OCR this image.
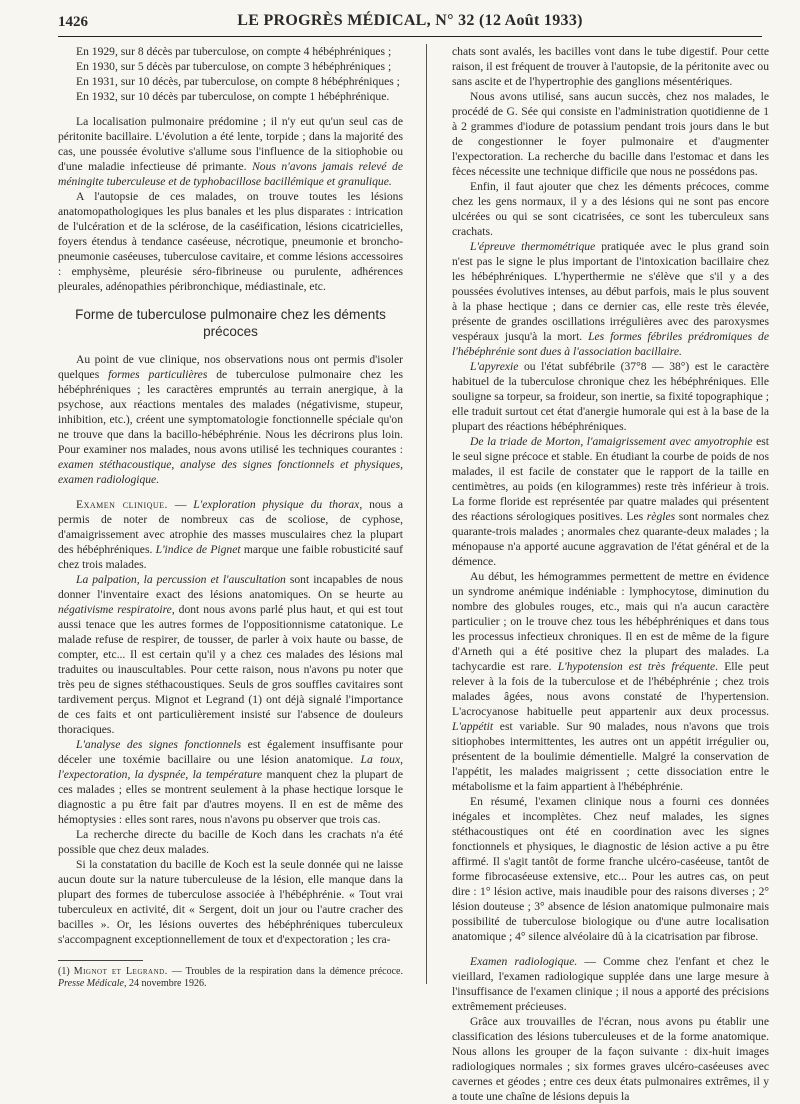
1426	LE PROGRÈS MÉDICAL, N° 32 (12 Août 1933)

En 1929, sur 8 décès par tuberculose, on compte 4 hébéphréniques ;

En 1930, sur 5 décès par tuberculose, on compte 3 hébéphréniques ;

En 1931, sur 10 décès, par tuberculose, on compte 8 hébéphréniques ;

En 1932, sur 10 décès par tuberculose, on compte 1 hébéphrénique.

La localisation pulmonaire prédomine ; il n'y eut qu'un seul cas de péritonite bacillaire. L'évolution a été lente, torpide ; dans la majorité des cas, une poussée évolutive s'allume sous l'influence de la sitiophobie ou d'une maladie infectieuse dé primante. Nous n'avons jamais relevé de méningite tuberculeuse et de typhobacillose bacillémique et granulique.

A l'autopsie de ces malades, on trouve toutes les lésions anatomopathologiques les plus banales et les plus disparates : intrication de l'ulcération et de la sclérose, de la caséification, lésions cicatricielles, foyers étendus à tendance caséeuse, nécrotique, pneumonie et broncho-pneumonie caséeuses, tuberculose cavitaire, et comme lésions accessoires : emphysème, pleurésie séro-fibrineuse ou purulente, adhérences pleurales, adénopathies péribronchique, médiastinale, etc.

Forme de tuberculose pulmonaire chez les déments précoces

Au point de vue clinique, nos observations nous ont permis d'isoler quelques formes particulières de tuberculose pulmonaire chez les hébéphréniques ; les caractères empruntés au terrain anergique, à la psychose, aux réactions mentales des malades (négativisme, stupeur, inhibition, etc.), créent une symptomatologie fonctionnelle spéciale qu'on ne trouve que dans la bacillo-hébéphrénie. Nous les décrirons plus loin. Pour examiner nos malades, nous avons utilisé les techniques courantes : examen stéthacoustique, analyse des signes fonctionnels et physiques, examen radiologique.

Examen clinique. — L'exploration physique du thorax, nous a permis de noter de nombreux cas de scoliose, de cyphose, d'amaigrissement avec atrophie des masses musculaires chez la plupart des hébéphréniques. L'indice de Pignet marque une faible robusticité sauf chez trois malades.

La palpation, la percussion et l'auscultation sont incapables de nous donner l'inventaire exact des lésions anatomiques. On se heurte au négativisme respiratoire, dont nous avons parlé plus haut, et qui est tout aussi tenace que les autres formes de l'oppositionnisme catatonique. Le malade refuse de respirer, de tousser, de parler à voix haute ou basse, de compter, etc... Il est certain qu'il y a chez ces malades des lésions mal traduites ou inauscultables. Pour cette raison, nous n'avons pu noter que très peu de signes stéthacoustiques. Seuls de gros souffles cavitaires sont tardivement perçus. Mignot et Legrand (1) ont déjà signalé l'importance de ces faits et ont particulièrement insisté sur l'absence de douleurs thoraciques.

L'analyse des signes fonctionnels est également insuffisante pour déceler une toxémie bacillaire ou une lésion anatomique. La toux, l'expectoration, la dyspnée, la température manquent chez la plupart de ces malades ; elles se montrent seulement à la phase hectique lorsque le diagnostic a pu être fait par d'autres moyens. Il en est de même des hémoptysies : elles sont rares, nous n'avons pu observer que trois cas.

La recherche directe du bacille de Koch dans les crachats n'a été possible que chez deux malades.

Si la constatation du bacille de Koch est la seule donnée qui ne laisse aucun doute sur la nature tuberculeuse de la lésion, elle manque dans la plupart des formes de tuberculose associée à l'hébéphrénie. « Tout vrai tuberculeux en activité, dit « Sergent, doit un jour ou l'autre cracher des bacilles ». Or, les lésions ouvertes des hébéphréniques tuberculeux s'accompagnent exceptionnellement de toux et d'expectoration ; les cra-

(1) Mignot et Legrand. — Troubles de la respiration dans la démence précoce. Presse Médicale, 24 novembre 1926.

chats sont avalés, les bacilles vont dans le tube digestif. Pour cette raison, il est fréquent de trouver à l'autopsie, de la péritonite avec ou sans ascite et de l'hypertrophie des ganglions mésentériques.

Nous avons utilisé, sans aucun succès, chez nos malades, le procédé de G. Sée qui consiste en l'administration quotidienne de 1 à 2 grammes d'iodure de potassium pendant trois jours dans le but de congestionner le foyer pulmonaire et d'augmenter l'expectoration. La recherche du bacille dans l'estomac et dans les fèces nécessite une technique difficile que nous ne possédons pas.

Enfin, il faut ajouter que chez les déments précoces, comme chez les gens normaux, il y a des lésions qui ne sont pas encore ulcérées ou qui se sont cicatrisées, ce sont les tuberculeux sans crachats.

L'épreuve thermométrique pratiquée avec le plus grand soin n'est pas le signe le plus important de l'intoxication bacillaire chez les hébéphréniques. L'hyperthermie ne s'élève que s'il y a des poussées évolutives intenses, au début parfois, mais le plus souvent à la phase hectique ; dans ce dernier cas, elle reste très élevée, présente de grandes oscillations irrégulières avec des paroxysmes vespéraux jusqu'à la mort. Les formes fébriles prédromiques de l'hébéphrénie sont dues à l'association bacillaire.

L'apyrexie ou l'état subfébrile (37°8 — 38°) est le caractère habituel de la tuberculose chronique chez les hébéphréniques. Elle souligne sa torpeur, sa froideur, son inertie, sa fixité topographique ; elle traduit surtout cet état d'anergie humorale qui est à la base de la plupart des réactions hébéphréniques.

De la triade de Morton, l'amaigrissement avec amyotrophie est le seul signe précoce et stable. En étudiant la courbe de poids de nos malades, il est facile de constater que le rapport de la taille en centimètres, au poids (en kilogrammes) reste très inférieur à trois. La forme floride est représentée par quatre malades qui présentent des réactions sérologiques positives. Les règles sont normales chez quarante-trois malades ; anormales chez quarante-deux malades ; la ménopause n'a apporté aucune aggravation de l'état général et de la démence.

Au début, les hémogrammes permettent de mettre en évidence un syndrome anémique indéniable : lymphocytose, diminution du nombre des globules rouges, etc., mais qui n'a aucun caractère particulier ; on le trouve chez tous les hébéphréniques et dans tous les processus infectieux chroniques. Il en est de même de la figure d'Arneth qui a été positive chez la plupart des malades. La tachycardie est rare. L'hypotension est très fréquente. Elle peut relever à la fois de la tuberculose et de l'hébéphrénie ; chez trois malades âgées, nous avons constaté de l'hypertension. L'acrocyanose habituelle peut appartenir aux deux processus. L'appétit est variable. Sur 90 malades, nous n'avons que trois sitiophobes intermittentes, les autres ont un appétit irrégulier ou, présentent de la boulimie démentielle. Malgré la conservation de l'appétit, les malades maigrissent ; cette dissociation entre le métabolisme et la faim appartient à l'hébéphrénie.

En résumé, l'examen clinique nous a fourni ces données inégales et incomplètes. Chez neuf malades, les signes stéthacoustiques ont été en coordination avec les signes fonctionnels et physiques, le diagnostic de lésion active a pu être affirmé. Il s'agit tantôt de forme franche ulcéro-caséeuse, tantôt de forme fibrocaséeuse extensive, etc... Pour les autres cas, on peut dire : 1° lésion active, mais inaudible pour des raisons diverses ; 2° lésion douteuse ; 3° absence de lésion anatomique pulmonaire mais possibilité de tuberculose biologique ou d'une autre localisation anatomique ; 4° silence alvéolaire dû à la cicatrisation par fibrose.

Examen radiologique. — Comme chez l'enfant et chez le vieillard, l'examen radiologique supplée dans une large mesure à l'insuffisance de l'examen clinique ; il nous a apporté des précisions extrêmement précieuses.

Grâce aux trouvailles de l'écran, nous avons pu établir une classification des lésions tuberculeuses et de la forme anatomique. Nous allons les grouper de la façon suivante : dix-huit images radiologiques normales ; six formes graves ulcéro-caséeuses avec cavernes et géodes ; entre ces deux états pulmonaires extrêmes, il y a toute une chaîne de lésions depuis la
